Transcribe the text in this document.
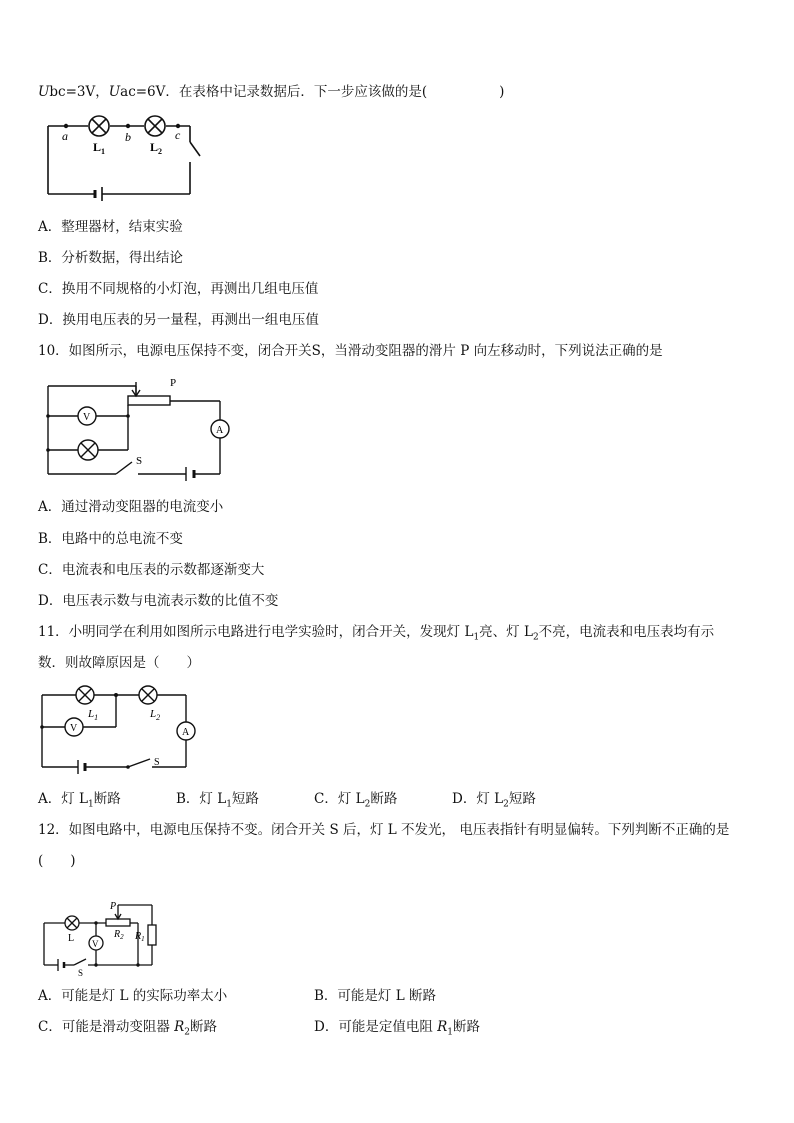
Ubc=3V，Uac=6V．在表格中记录数据后．下一步应该做的是(	)
a	b	c
$L_1$	$L_2$
A．整理器材，结束实验
B．分析数据，得出结论
C．换用不同规格的小灯泡，再测出几组电压值
D．换用电压表的另一量程，再测出一组电压值
10．如图所示，电源电压保持不变，闭合开关S，当滑动变阻器的滑片 P 向左移动时，下列说法正确的是
P
V
A
S
A．通过滑动变阻器的电流变小
B．电路中的总电流不变
C．电流表和电压表的示数都逐渐变大
D．电压表示数与电流表示数的比值不变
11．小明同学在利用如图所示电路进行电学实验时，闭合开关，发现灯 $L_1$亮、灯 $L_2$不亮，电流表和电压表均有示
数．则故障原因是（　　）
$L_1$	$L_2$
V	A
S
A．灯 $L_1$断路	B．灯 $L_1$短路	C．灯 $L_2$断路	D．灯 $L_2$短路
12．如图电路中，电源电压保持不变。闭合开关 S 后，灯 L 不发光， 电压表指针有明显偏转。下列判断不正确的是
(　　)
L V
P
$R_2$ $R_1$
S
A．可能是灯 L 的实际功率太小	B．可能是灯 L 断路
C．可能是滑动变阻器 $R_2$断路	D．可能是定值电阻 $R_1$断路
